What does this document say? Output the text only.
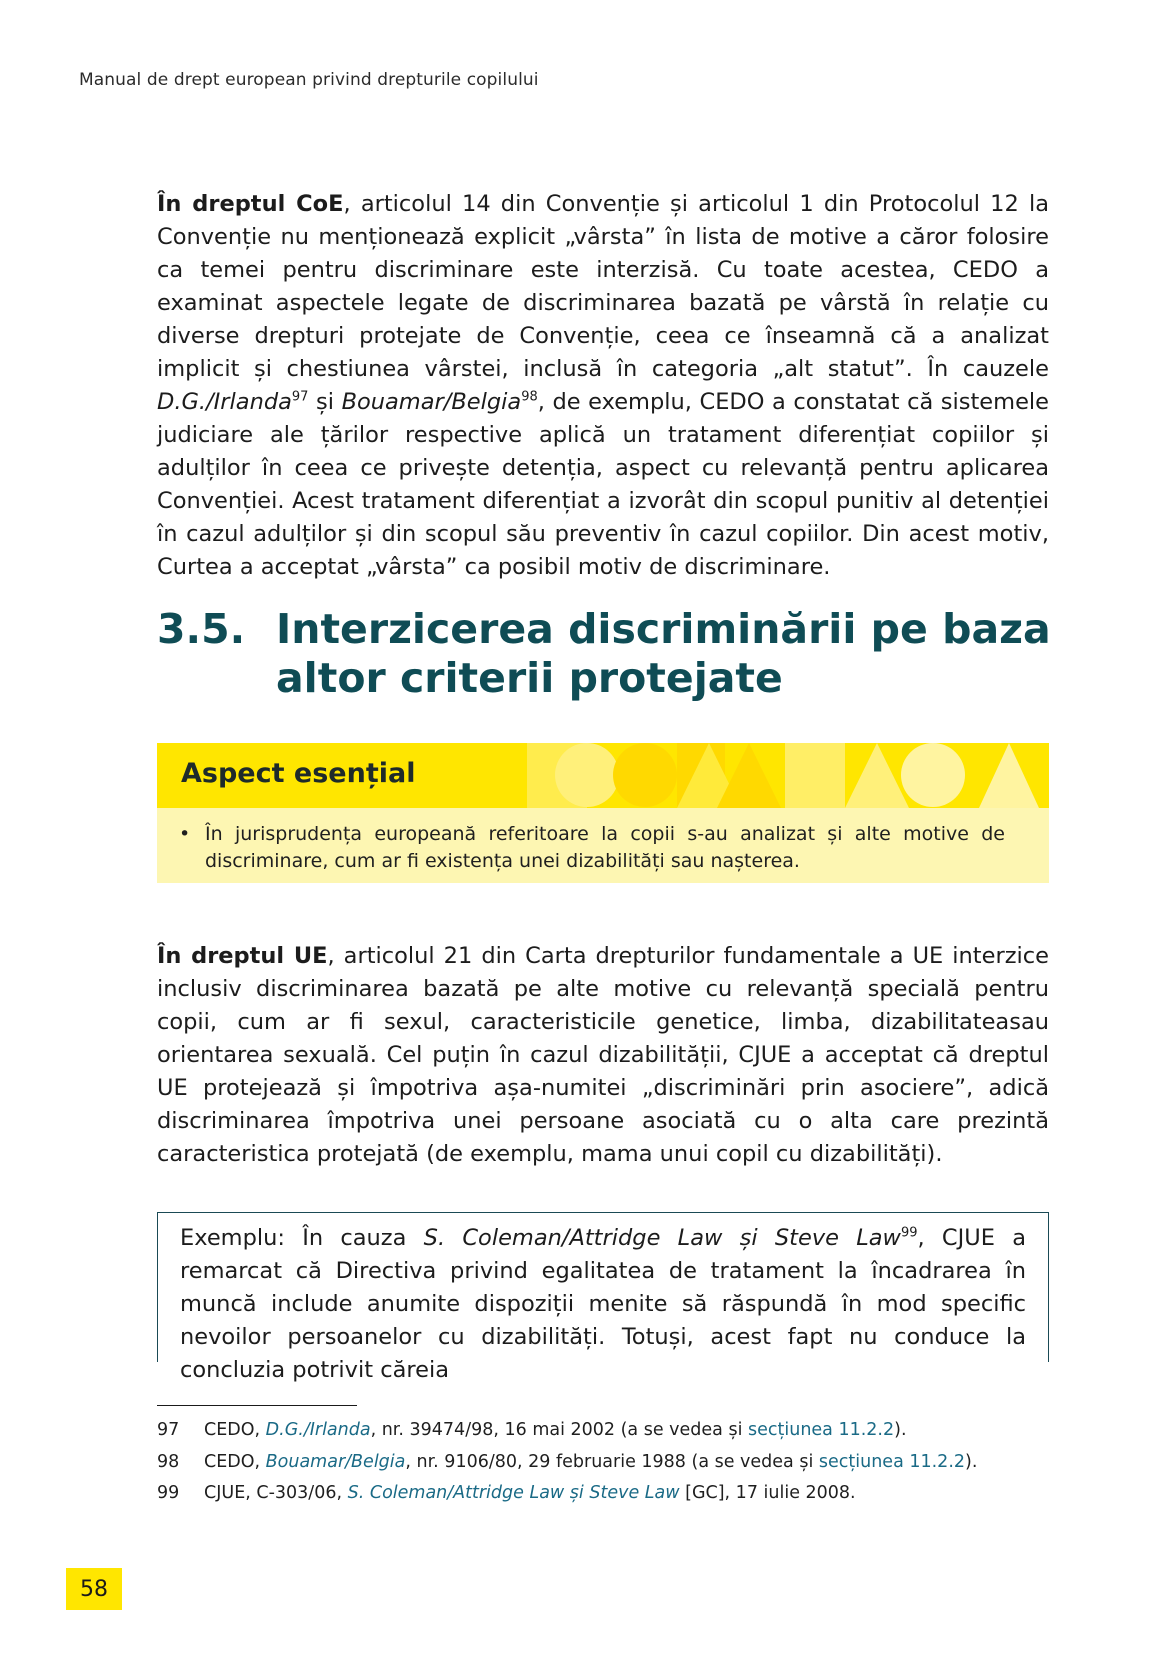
Manual de drept european privind drepturile copilului

În dreptul CoE, articolul 14 din Convenție și articolul 1 din Protocolul 12 la Convenție nu menționează explicit „vârsta” în lista de motive a căror folosire ca temei pentru discriminare este interzisă. Cu toate acestea, CEDO a examinat aspectele legate de discriminarea bazată pe vârstă în relație cu diverse drepturi protejate de Convenție, ceea ce înseamnă că a analizat implicit și chestiunea vârstei, inclusă în categoria „alt statut”. În cauzele D.G./Irlanda$^{97}$ și Bouamar/Belgia$^{98}$, de exemplu, CEDO a constatat că sistemele judiciare ale țărilor respective aplică un tratament diferențiat copiilor și adulților în ceea ce privește detenția, aspect cu relevanță pentru aplicarea Convenției. Acest tratament diferențiat a izvorât din scopul punitiv al detenției în cazul adulților și din scopul său preventiv în cazul copiilor. Din acest motiv, Curtea a acceptat „vârsta” ca posibil motiv de discriminare.

3.5. Interzicerea discriminării pe baza altor criterii protejate
Aspect esențial
• În jurisprudența europeană referitoare la copii s-au analizat și alte motive de discriminare, cum ar fi existența unei dizabilități sau nașterea.

În dreptul UE, articolul 21 din Carta drepturilor fundamentale a UE interzice inclusiv discriminarea bazată pe alte motive cu relevanță specială pentru copii, cum ar fi sexul, caracteristicile genetice, limba, dizabilitateasau orientarea sexuală. Cel puțin în cazul dizabilității, CJUE a acceptat că dreptul UE protejează și împotriva așa-numitei „discriminări prin asociere”, adică discriminarea împotriva unei persoane asociată cu o alta care prezintă caracteristica protejată (de exemplu, mama unui copil cu dizabilități).

Exemplu: În cauza S. Coleman/Attridge Law și Steve Law$^{99}$, CJUE a remarcat că Directiva privind egalitatea de tratament la încadrarea în muncă include anumite dispoziții menite să răspundă în mod specific nevoilor persoanelor cu dizabilități. Totuși, acest fapt nu conduce la concluzia potrivit căreia

97	CEDO, D.G./Irlanda, nr. 39474/98, 16 mai 2002 (a se vedea și secțiunea 11.2.2).
98	CEDO, Bouamar/Belgia, nr. 9106/80, 29 februarie 1988 (a se vedea și secțiunea 11.2.2).
99	CJUE, C-303/06, S. Coleman/Attridge Law și Steve Law [GC], 17 iulie 2008.
58
